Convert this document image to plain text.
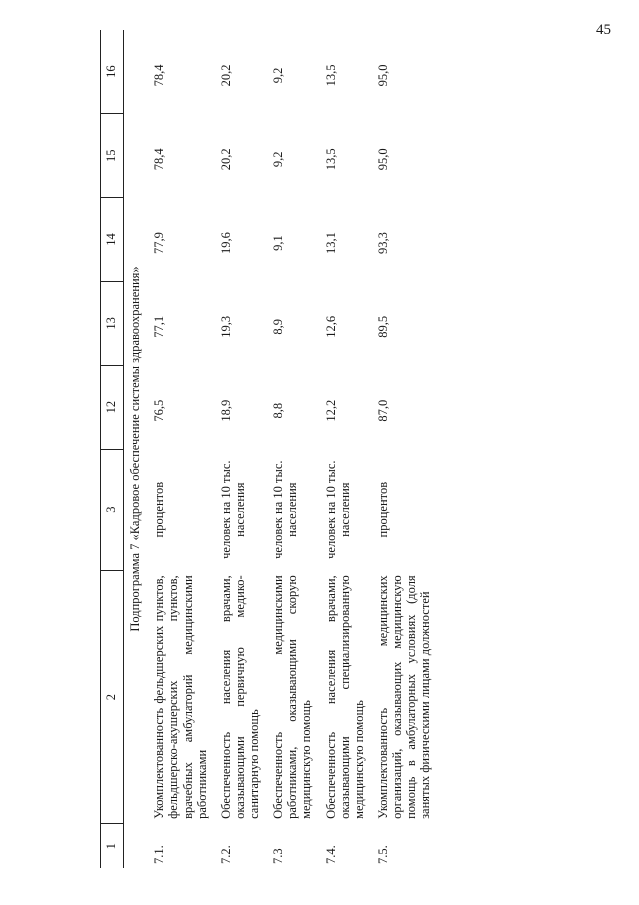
45
1	2	3	12	13	14	15	16
Подпрограмма 7 «Кадровое обеспечение системы здравоохранения»							
7.1.	Укомплектованность фельдшерских пунктов, фельдшерско-акушерских пунктов, врачебных амбулаторий медицинскими работниками	процентов	76,5	77,1	77,9	78,4	78,4
7.2.	Обеспеченность населения врачами, оказывающими первичную медико-санитарную помощь	человек на 10 тыс. населения	18,9	19,3	19,6	20,2	20,2
7.3	Обеспеченность медицинскими работниками, оказывающими скорую медицинскую помощь	человек на 10 тыс. населения	8,8	8,9	9,1	9,2	9,2
7.4.	Обеспеченность населения врачами, оказывающими специализированную медицинскую помощь	человек на 10 тыс. населения	12,2	12,6	13,1	13,5	13,5
7.5.	Укомплектованность медицинских организаций, оказывающих медицинскую помощь в амбулаторных условиях (доля занятых физическими лицами должностей	процентов	87,0	89,5	93,3	95,0	95,0
